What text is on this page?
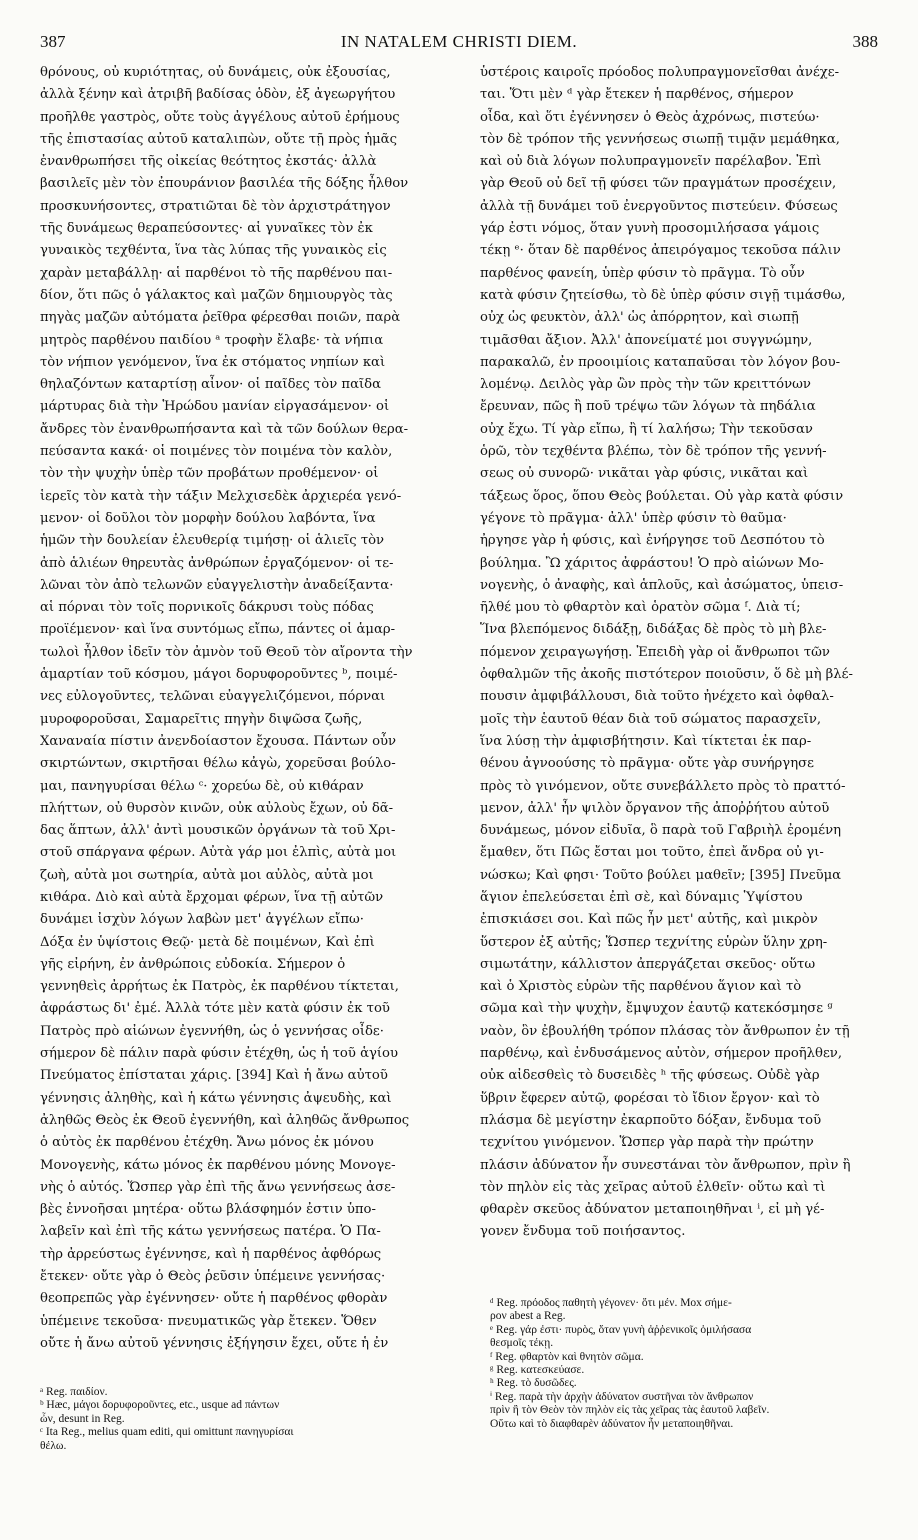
387	IN NATALEM CHRISTI DIEM.	388
θρόνους, οὐ κυριότητας, οὐ δυνάμεις, οὐκ ἐξουσίας,
ἀλλὰ ξένην καὶ ἀτριβῆ βαδίσας ὁδὸν, ἐξ ἀγεωργήτου
προῆλθε γαστρὸς, οὔτε τοὺς ἀγγέλους αὐτοῦ ἐρήμους
τῆς ἐπιστασίας αὐτοῦ καταλιπὼν, οὔτε τῇ πρὸς ἡμᾶς
ἐνανθρωπήσει τῆς οἰκείας θεότητος ἐκστάς· ἀλλὰ
βασιλεῖς μὲν τὸν ἐπουράνιον βασιλέα τῆς δόξης ἦλθον
προσκυνήσοντες, στρατιῶται δὲ τὸν ἀρχιστράτηγον
τῆς δυνάμεως θεραπεύσοντες· αἱ γυναῖκες τὸν ἐκ
γυναικὸς τεχθέντα, ἵνα τὰς λύπας τῆς γυναικὸς εἰς
χαρὰν μεταβάλλῃ· αἱ παρθένοι τὸ τῆς παρθένου παι-
δίον, ὅτι πῶς ὁ γάλακτος καὶ μαζῶν δημιουργὸς τὰς
πηγὰς μαζῶν αὐτόματα ῥεῖθρα φέρεσθαι ποιῶν, παρὰ
μητρὸς παρθένου παιδίου ᵃ τροφὴν ἔλαβε· τὰ νήπια
τὸν νήπιον γενόμενον, ἵνα ἐκ στόματος νηπίων καὶ
θηλαζόντων καταρτίσῃ αἶνον· οἱ παῖδες τὸν παῖδα
μάρτυρας διὰ τὴν Ἡρώδου μανίαν εἰργασάμενον· οἱ
ἄνδρες τὸν ἐνανθρωπήσαντα καὶ τὰ τῶν δούλων θερα-
πεύσαντα κακά· οἱ ποιμένες τὸν ποιμένα τὸν καλὸν,
τὸν τὴν ψυχὴν ὑπὲρ τῶν προβάτων προθέμενον· οἱ
ἱερεῖς τὸν κατὰ τὴν τάξιν Μελχισεδὲκ ἀρχιερέα γενό-
μενον· οἱ δοῦλοι τὸν μορφὴν δούλου λαβόντα, ἵνα
ἡμῶν τὴν δουλείαν ἐλευθερίᾳ τιμήσῃ· οἱ ἁλιεῖς τὸν
ἀπὸ ἁλιέων θηρευτὰς ἀνθρώπων ἐργαζόμενον· οἱ τε-
λῶναι τὸν ἀπὸ τελωνῶν εὐαγγελιστὴν ἀναδείξαντα·
αἱ πόρναι τὸν τοῖς πορνικοῖς δάκρυσι τοὺς πόδας
προϊέμενον· καὶ ἵνα συντόμως εἴπω, πάντες οἱ ἁμαρ-
τωλοὶ ἦλθον ἰδεῖν τὸν ἀμνὸν τοῦ Θεοῦ τὸν αἴροντα τὴν
ἁμαρτίαν τοῦ κόσμου, μάγοι δορυφοροῦντες ᵇ, ποιμέ-
νες εὐλογοῦντες, τελῶναι εὐαγγελιζόμενοι, πόρναι
μυροφοροῦσαι, Σαμαρεῖτις πηγὴν διψῶσα ζωῆς,
Χαναναία πίστιν ἀνενδοίαστον ἔχουσα. Πάντων οὖν
σκιρτώντων, σκιρτῆσαι θέλω κἀγὼ, χορεῦσαι βούλο-
μαι, πανηγυρίσαι θέλω ᶜ· χορεύω δὲ, οὐ κιθάραν
πλήττων, οὐ θυρσὸν κινῶν, οὐκ αὐλοὺς ἔχων, οὐ δᾶ-
δας ἅπτων, ἀλλ' ἀντὶ μουσικῶν ὀργάνων τὰ τοῦ Χρι-
στοῦ σπάργανα φέρων. Αὐτὰ γάρ μοι ἐλπὶς, αὐτὰ μοι
ζωὴ, αὐτὰ μοι σωτηρία, αὐτὰ μοι αὐλὸς, αὐτὰ μοι
κιθάρα. Διὸ καὶ αὐτὰ ἔρχομαι φέρων, ἵνα τῇ αὐτῶν
δυνάμει ἰσχὺν λόγων λαβὼν μετ' ἀγγέλων εἴπω·
Δόξα ἐν ὑψίστοις Θεῷ· μετὰ δὲ ποιμένων, Καὶ ἐπὶ
γῆς εἰρήνη, ἐν ἀνθρώποις εὐδοκία. Σήμερον ὁ
γεννηθεὶς ἀρρήτως ἐκ Πατρὸς, ἐκ παρθένου τίκτεται,
ἀφράστως δι' ἐμέ. Ἀλλὰ τότε μὲν κατὰ φύσιν ἐκ τοῦ
Πατρὸς πρὸ αἰώνων ἐγεννήθη, ὡς ὁ γεννήσας οἶδε·
σήμερον δὲ πάλιν παρὰ φύσιν ἐτέχθη, ὡς ἡ τοῦ ἁγίου
Πνεύματος ἐπίσταται χάρις. [394] Καὶ ἡ ἄνω αὐτοῦ
γέννησις ἀληθὴς, καὶ ἡ κάτω γέννησις ἀψευδὴς, καὶ
ἀληθῶς Θεὸς ἐκ Θεοῦ ἐγεννήθη, καὶ ἀληθῶς ἄνθρωπος
ὁ αὐτὸς ἐκ παρθένου ἐτέχθη. Ἄνω μόνος ἐκ μόνου
Μονογενὴς, κάτω μόνος ἐκ παρθένου μόνης Μονογε-
νὴς ὁ αὐτός. Ὥσπερ γὰρ ἐπὶ τῆς ἄνω γεννήσεως ἀσε-
βὲς ἐννοῆσαι μητέρα· οὕτω βλάσφημόν ἐστιν ὑπο-
λαβεῖν καὶ ἐπὶ τῆς κάτω γεννήσεως πατέρα. Ὁ Πα-
τὴρ ἀρρεύστως ἐγέννησε, καὶ ἡ παρθένος ἀφθόρως
ἔτεκεν· οὔτε γὰρ ὁ Θεὸς ῥεῦσιν ὑπέμεινε γεννήσας·
θεοπρεπῶς γὰρ ἐγέννησεν· οὔτε ἡ παρθένος φθορὰν
ὑπέμεινε τεκοῦσα· πνευματικῶς γὰρ ἔτεκεν. Ὅθεν
οὔτε ἡ ἄνω αὐτοῦ γέννησις ἐξήγησιν ἔχει, οὔτε ἡ ἐν
ὑστέροις καιροῖς πρόοδος πολυπραγμονεῖσθαι ἀνέχε-
ται. Ὅτι μὲν ᵈ γὰρ ἔτεκεν ἡ παρθένος, σήμερον
οἶδα, καὶ ὅτι ἐγέννησεν ὁ Θεὸς ἀχρόνως, πιστεύω·
τὸν δὲ τρόπον τῆς γεννήσεως σιωπῇ τιμᾷν μεμάθηκα,
καὶ οὐ διὰ λόγων πολυπραγμονεῖν παρέλαβον. Ἐπὶ
γὰρ Θεοῦ οὐ δεῖ τῇ φύσει τῶν πραγμάτων προσέχειν,
ἀλλὰ τῇ δυνάμει τοῦ ἐνεργοῦντος πιστεύειν. Φύσεως
γάρ ἐστι νόμος, ὅταν γυνὴ προσομιλήσασα γάμοις
τέκῃ ᵉ· ὅταν δὲ παρθένος ἀπειρόγαμος τεκοῦσα πάλιν
παρθένος φανείη, ὑπὲρ φύσιν τὸ πρᾶγμα. Τὸ οὖν
κατὰ φύσιν ζητείσθω, τὸ δὲ ὑπὲρ φύσιν σιγῇ τιμάσθω,
οὐχ ὡς φευκτὸν, ἀλλ' ὡς ἀπόρρητον, καὶ σιωπῇ
τιμᾶσθαι ἄξιον. Ἀλλ' ἀπονείματέ μοι συγγνώμην,
παρακαλῶ, ἐν προοιμίοις καταπαῦσαι τὸν λόγον βου-
λομένῳ. Δειλὸς γὰρ ὢν πρὸς τὴν τῶν κρειττόνων
ἔρευναν, πῶς ἢ ποῦ τρέψω τῶν λόγων τὰ πηδάλια
οὐχ ἔχω. Τί γὰρ εἴπω, ἢ τί λαλήσω; Τὴν τεκοῦσαν
ὁρῶ, τὸν τεχθέντα βλέπω, τὸν δὲ τρόπον τῆς γεννή-
σεως οὐ συνορῶ· νικᾶται γὰρ φύσις, νικᾶται καὶ
τάξεως ὅρος, ὅπου Θεὸς βούλεται. Οὐ γὰρ κατὰ φύσιν
γέγονε τὸ πρᾶγμα· ἀλλ' ὑπὲρ φύσιν τὸ θαῦμα·
ἠργησε γὰρ ἡ φύσις, καὶ ἐνήργησε τοῦ Δεσπότου τὸ
βούλημα. Ὢ χάριτος ἀφράστου! Ὁ πρὸ αἰώνων Μο-
νογενὴς, ὁ ἀναφὴς, καὶ ἁπλοῦς, καὶ ἀσώματος, ὑπεισ-
ῆλθέ μου τὸ φθαρτὸν καὶ ὁρατὸν σῶμα ᶠ. Διὰ τί;
Ἵνα βλεπόμενος διδάξῃ, διδάξας δὲ πρὸς τὸ μὴ βλε-
πόμενον χειραγωγήσῃ. Ἐπειδὴ γὰρ οἱ ἄνθρωποι τῶν
ὀφθαλμῶν τῆς ἀκοῆς πιστότερον ποιοῦσιν, ὅ δὲ μὴ βλέ-
πουσιν ἀμφιβάλλουσι, διὰ τοῦτο ἠνέχετο καὶ ὀφθαλ-
μοῖς τὴν ἑαυτοῦ θέαν διὰ τοῦ σώματος παρασχεῖν,
ἵνα λύσῃ τὴν ἀμφισβήτησιν. Καὶ τίκτεται ἐκ παρ-
θένου ἀγνοούσης τὸ πρᾶγμα· οὔτε γὰρ συνήργησε
πρὸς τὸ γινόμενον, οὔτε συνεβάλλετο πρὸς τὸ πραττό-
μενον, ἀλλ' ἦν ψιλὸν ὄργανον τῆς ἀποῤῥήτου αὐτοῦ
δυνάμεως, μόνον εἰδυῖα, ὃ παρὰ τοῦ Γαβριὴλ ἐρομένη
ἔμαθεν, ὅτι Πῶς ἔσται μοι τοῦτο, ἐπεὶ ἄνδρα οὐ γι-
νώσκω; Καὶ φησι· Τοῦτο βούλει μαθεῖν; [395] Πνεῦμα
ἅγιον ἐπελεύσεται ἐπὶ σὲ, καὶ δύναμις Ὑψίστου
ἐπισκιάσει σοι. Καὶ πῶς ἦν μετ' αὐτῆς, καὶ μικρὸν
ὕστερον ἐξ αὐτῆς; Ὥσπερ τεχνίτης εὑρὼν ὕλην χρη-
σιμωτάτην, κάλλιστον ἀπεργάζεται σκεῦος· οὕτω
καὶ ὁ Χριστὸς εὑρὼν τῆς παρθένου ἅγιον καὶ τὸ
σῶμα καὶ τὴν ψυχὴν, ἔμψυχον ἑαυτῷ κατεκόσμησε ᵍ
ναὸν, ὃν ἐβουλήθη τρόπον πλάσας τὸν ἄνθρωπον ἐν τῇ
παρθένῳ, καὶ ἐνδυσάμενος αὐτὸν, σήμερον προῆλθεν,
οὐκ αἰδεσθεὶς τὸ δυσειδὲς ʰ τῆς φύσεως. Οὐδὲ γὰρ
ὕβριν ἔφερεν αὐτῷ, φορέσαι τὸ ἴδιον ἔργον· καὶ τὸ
πλάσμα δὲ μεγίστην ἐκαρποῦτο δόξαν, ἔνδυμα τοῦ
τεχνίτου γινόμενον. Ὥσπερ γὰρ παρὰ τὴν πρώτην
πλάσιν ἀδύνατον ἦν συνεστάναι τὸν ἄνθρωπον, πρὶν ἢ
τὸν πηλὸν εἰς τὰς χεῖρας αὐτοῦ ἐλθεῖν· οὕτω καὶ τὶ
φθαρὲν σκεῦος ἀδύνατον μεταποιηθῆναι ⁱ, εἰ μὴ γέ-
γονεν ἔνδυμα τοῦ ποιήσαντος.
ᵃ Reg. παιδίον.
ᵇ Hæc, μάγοι δορυφοροῦντες, etc., usque ad πάντων
ὦν, desunt in Reg.
ᶜ Ita Reg., melius quam editi, qui omittunt πανηγυρίσαι
θέλω.
ᵈ Reg. πρόοδος παθητὴ γέγονεν· ὅτι μέν. Mox σήμε-
ρον abest a Reg.
ᵉ Reg. γάρ ἐστι· πυρὸς, ὅταν γυνὴ ἀῤῥενικοῖς ὁμιλήσασα
θεσμοῖς τέκῃ.
ᶠ Reg. φθαρτὸν καὶ θνητὸν σῶμα.
ᵍ Reg. κατεσκεύασε.
ʰ Reg. τὸ δυσῶδες.
ⁱ Reg. παρὰ τὴν ἀρχὴν ἀδύνατον συστῆναι τὸν ἄνθρωπον
πρὶν ἢ τὸν Θεὸν τὸν πηλὸν εἰς τὰς χεῖρας τὰς ἑαυτοῦ λαβεῖν.
Οὕτω καὶ τὸ διαφθαρὲν ἀδύνατον ἦν μεταποιηθῆναι.
